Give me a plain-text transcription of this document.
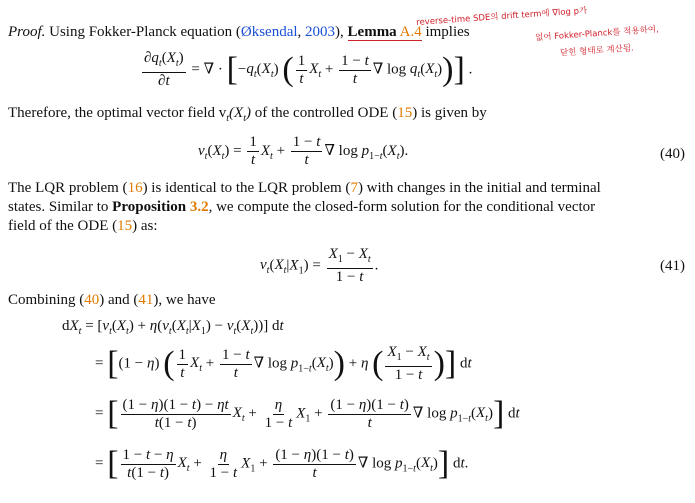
Proof. Using Fokker-Planck equation (Øksendal, 2003), Lemma A.4 implies
reverse-time SDE의 drift term에 ∇log p가
없어 Fokker-Planck를 적용하여,
닫힌 형태로 계산됨.
$\frac{\partial q_t(X_t)}{\partial t}$ = ∇ · [$-q_t(X_t)$ ( $\frac{1}{t} X_t + \frac{1 - t}{t}$ ∇ $\log q_t(X_t)$)] .
Therefore, the optimal vector field $v_t(X_t)$ of the controlled ODE (15) is given by
$v_t(X_t) = \frac{1}{t} X_t + \frac{1 - t}{t}$ ∇ $\log p_{1-t}(X_t)$.	(40)
The LQR problem (16) is identical to the LQR problem (7) with changes in the initial and terminal
states. Similar to Proposition 3.2, we compute the closed-form solution for the conditional vector
field of the ODE (15) as:
$v_t(X_t|X_1) = \frac{X_1 - X_t}{1 - t}$ .	(41)
Combining (40) and (41), we have
$dX_t = [v_t(X_t) + \eta(v_t(X_t|X_1) - v_t(X_t))]$ dt
= [(1 − η) ( $\frac{1}{t} X_t + \frac{1 - t}{t}$ ∇ $\log p_{1-t}(X_t)) + \eta$ ( $\frac{X_1 - X_t}{1 - t}$ )] dt
= [ $\frac{(1 - \eta)(1 - t) - \eta t}{t(1 - t)} X_t + \frac{\eta}{1 - t} X_1 + \frac{(1 - \eta)(1 - t)}{t}$ ∇ $\log p_{1-t}(X_t)$] dt
= [ $\frac{1 - t - \eta}{t(1 - t)} X_t + \frac{\eta}{1 - t} X_1 + \frac{(1 - \eta)(1 - t)}{t}$ ∇ $\log p_{1-t}(X_t)$] dt.
